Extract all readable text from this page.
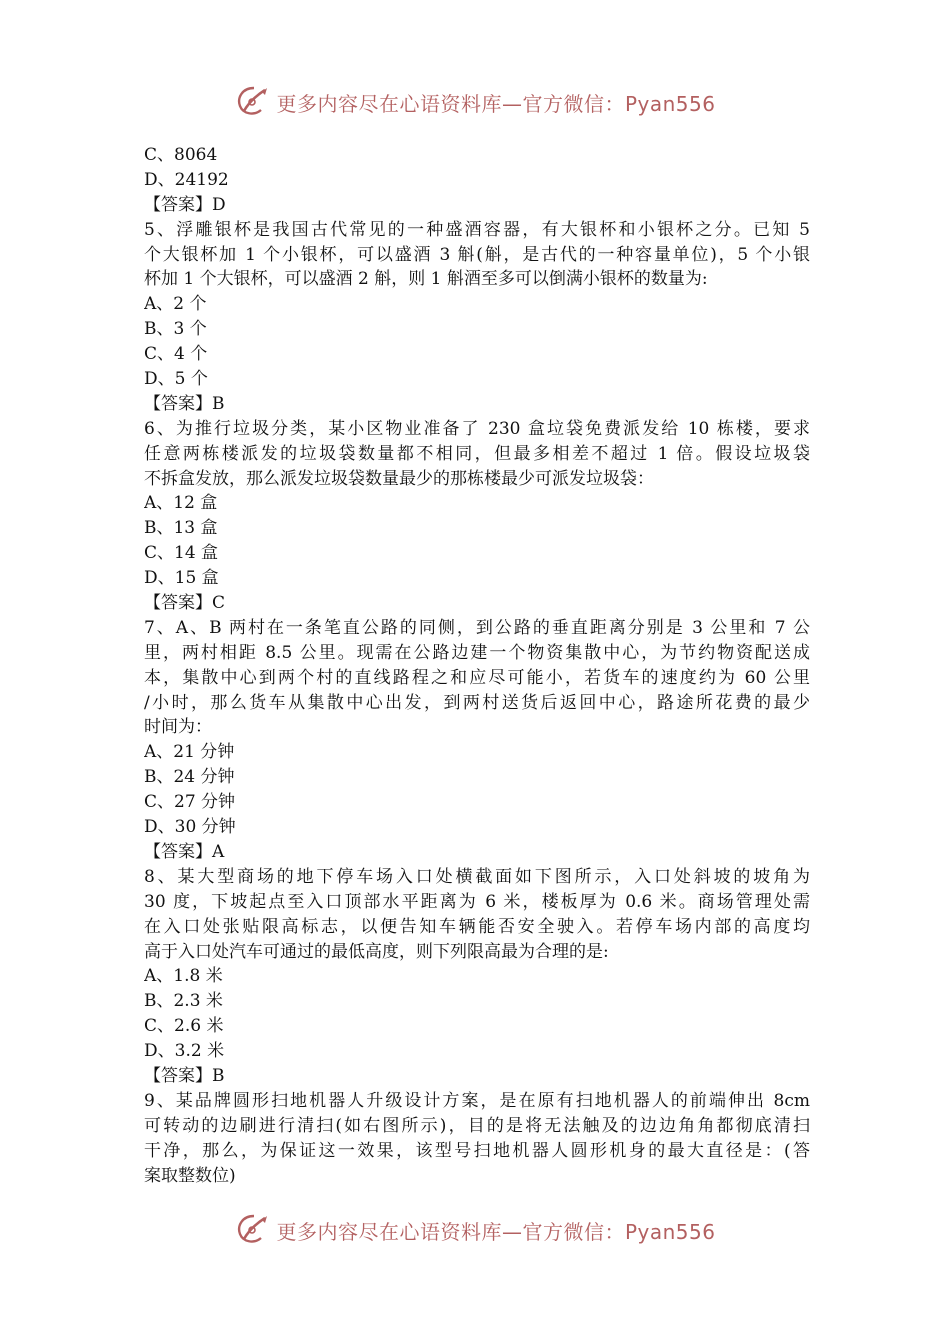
更多内容尽在心语资料库—官方微信：Pyan556
C、8064
D、24192
【答案】D
5、浮雕银杯是我国古代常见的一种盛酒容器，有大银杯和小银杯之分。已知 5
个大银杯加 1 个小银杯，可以盛酒 3 斛(斛，是古代的一种容量单位)，5 个小银
杯加 1 个大银杯，可以盛酒 2 斛，则 1 斛酒至多可以倒满小银杯的数量为:
A、2 个
B、3 个
C、4 个
D、5 个
【答案】B
6、为推行垃圾分类，某小区物业准备了 230 盒垃袋免费派发给 10 栋楼，要求
任意两栋楼派发的垃圾袋数量都不相同，但最多相差不超过 1 倍。假设垃圾袋
不拆盒发放，那么派发垃圾袋数量最少的那栋楼最少可派发垃圾袋：
A、12 盒
B、13 盒
C、14 盒
D、15 盒
【答案】C
7、A、B 两村在一条笔直公路的同侧，到公路的垂直距离分别是 3 公里和 7 公
里，两村相距 8.5 公里。现需在公路边建一个物资集散中心，为节约物资配送成
本，集散中心到两个村的直线路程之和应尽可能小，若货车的速度约为 60 公里
/小时，那么货车从集散中心出发，到两村送货后返回中心，路途所花费的最少
时间为：
A、21 分钟
B、24 分钟
C、27 分钟
D、30 分钟
【答案】A
8、某大型商场的地下停车场入口处横截面如下图所示，入口处斜坡的坡角为
30 度，下坡起点至入口顶部水平距离为 6 米，楼板厚为 0.6 米。商场管理处需
在入口处张贴限高标志，以便告知车辆能否安全驶入。若停车场内部的高度均
高于入口处汽车可通过的最低高度，则下列限高最为合理的是:
A、1.8 米
B、2.3 米
C、2.6 米
D、3.2 米
【答案】B
9、某品牌圆形扫地机器人升级设计方案，是在原有扫地机器人的前端伸出 8cm
可转动的边刷进行清扫(如右图所示)，目的是将无法触及的边边角角都彻底清扫
干净，那么，为保证这一效果，该型号扫地机器人圆形机身的最大直径是：(答
案取整数位)
更多内容尽在心语资料库—官方微信：Pyan556
